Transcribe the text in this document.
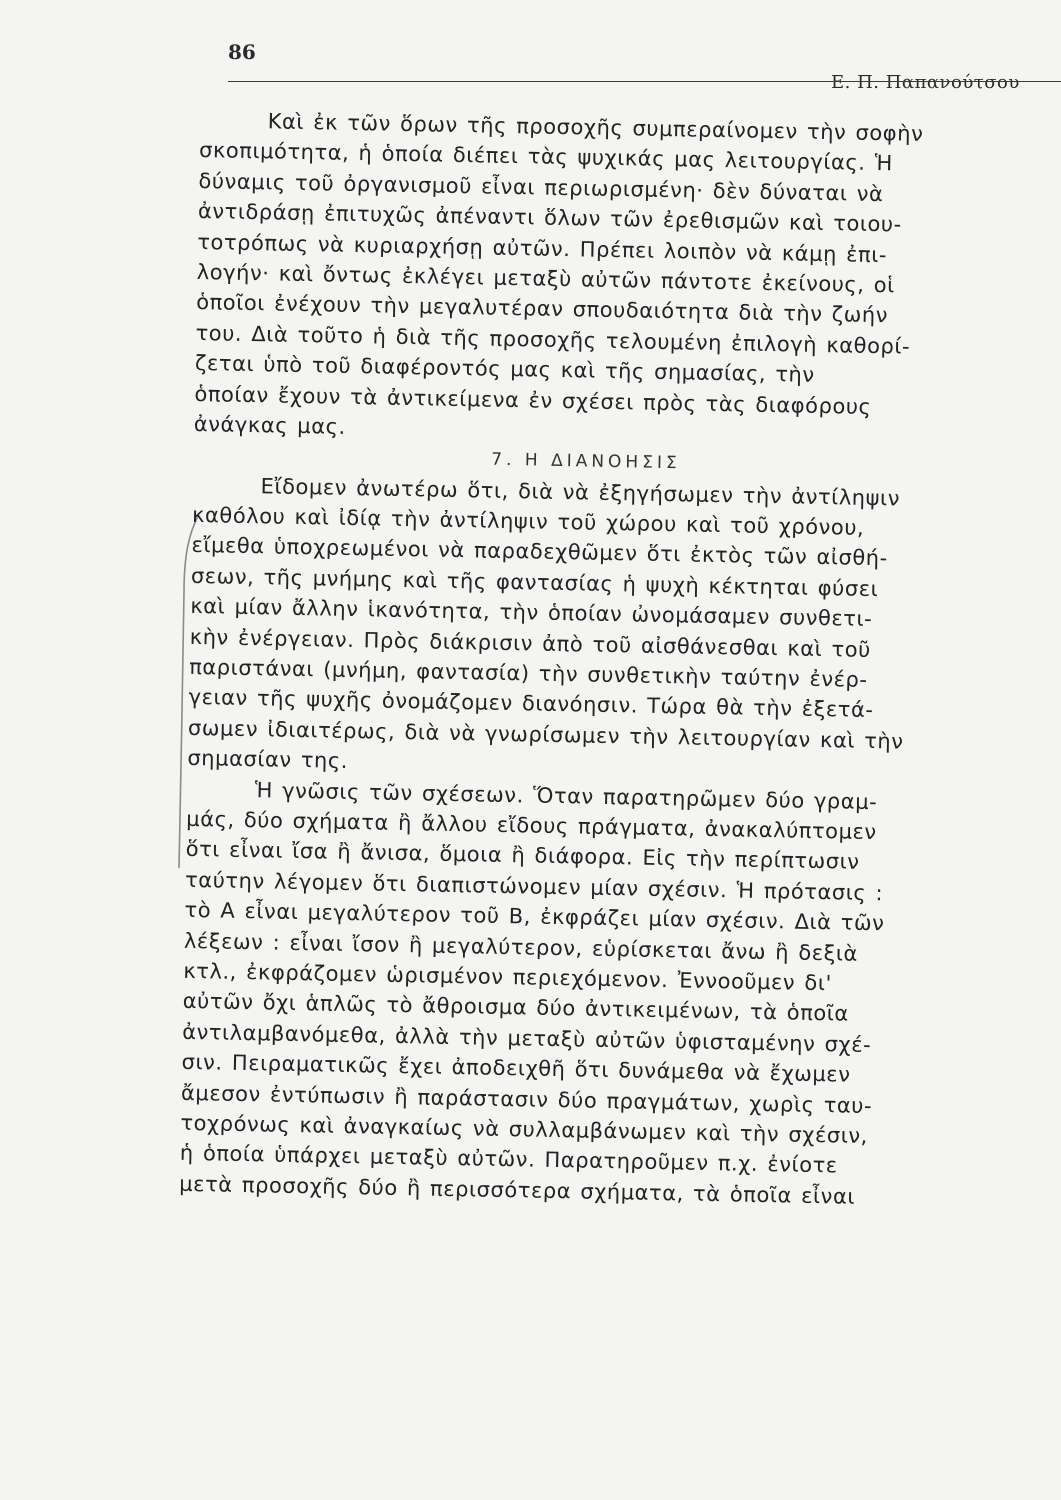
86
Ε. Π. Παπανούτσου
Καὶ ἐκ τῶν ὅρων τῆς προσοχῆς συμπεραίνομεν τὴν σοφὴν
σκοπιμότητα, ἡ ὁποία διέπει τὰς ψυχικάς μας λειτουργίας. Ἡ
δύναμις τοῦ ὀργανισμοῦ εἶναι περιωρισμένη· δὲν δύναται νὰ
ἀντιδράσῃ ἐπιτυχῶς ἀπέναντι ὅλων τῶν ἐρεθισμῶν καὶ τοιου-
τοτρόπως νὰ κυριαρχήσῃ αὐτῶν. Πρέπει λοιπὸν νὰ κάμῃ ἐπι-
λογήν· καὶ ὄντως ἐκλέγει μεταξὺ αὐτῶν πάντοτε ἐκείνους, οἱ
ὁποῖοι ἐνέχουν τὴν μεγαλυτέραν σπουδαιότητα διὰ τὴν ζωήν
του. Διὰ τοῦτο ἡ διὰ τῆς προσοχῆς τελουμένη ἐπιλογὴ καθορί-
ζεται ὑπὸ τοῦ διαφέροντός μας καὶ τῆς σημασίας, τὴν
ὁποίαν ἔχουν τὰ ἀντικείμενα ἐν σχέσει πρὸς τὰς διαφόρους
ἀνάγκας μας.
7. Η ΔΙΑΝΟΗΣΙΣ
Εἴδομεν ἀνωτέρω ὅτι, διὰ νὰ ἐξηγήσωμεν τὴν ἀντίληψιν
καθόλου καὶ ἰδίᾳ τὴν ἀντίληψιν τοῦ χώρου καὶ τοῦ χρόνου,
εἴμεθα ὑποχρεωμένοι νὰ παραδεχθῶμεν ὅτι ἐκτὸς τῶν αἰσθή-
σεων, τῆς μνήμης καὶ τῆς φαντασίας ἡ ψυχὴ κέκτηται φύσει
καὶ μίαν ἄλλην ἱκανότητα, τὴν ὁποίαν ὠνομάσαμεν συνθετι-
κὴν ἐνέργειαν. Πρὸς διάκρισιν ἀπὸ τοῦ αἰσθάνεσθαι καὶ τοῦ
παριστάναι (μνήμη, φαντασία) τὴν συνθετικὴν ταύτην ἐνέρ-
γειαν τῆς ψυχῆς ὀνομάζομεν διανόησιν. Τώρα θὰ τὴν ἐξετά-
σωμεν ἰδιαιτέρως, διὰ νὰ γνωρίσωμεν τὴν λειτουργίαν καὶ τὴν
σημασίαν της.
Ἡ γνῶσις τῶν σχέσεων. Ὅταν παρατηρῶμεν δύο γραμ-
μάς, δύο σχήματα ἢ ἄλλου εἴδους πράγματα, ἀνακαλύπτομεν
ὅτι εἶναι ἴσα ἢ ἄνισα, ὅμοια ἢ διάφορα. Εἰς τὴν περίπτωσιν
ταύτην λέγομεν ὅτι διαπιστώνομεν μίαν σχέσιν. Ἡ πρότασις :
τὸ Α εἶναι μεγαλύτερον τοῦ Β, ἐκφράζει μίαν σχέσιν. Διὰ τῶν
λέξεων : εἶναι ἴσον ἢ μεγαλύτερον, εὑρίσκεται ἄνω ἢ δεξιὰ
κτλ., ἐκφράζομεν ὡρισμένον περιεχόμενον. Ἐννοοῦμεν δι'
αὐτῶν ὄχι ἁπλῶς τὸ ἄθροισμα δύο ἀντικειμένων, τὰ ὁποῖα
ἀντιλαμβανόμεθα, ἀλλὰ τὴν μεταξὺ αὐτῶν ὑφισταμένην σχέ-
σιν. Πειραματικῶς ἔχει ἀποδειχθῆ ὅτι δυνάμεθα νὰ ἔχωμεν
ἄμεσον ἐντύπωσιν ἢ παράστασιν δύο πραγμάτων, χωρὶς ταυ-
τοχρόνως καὶ ἀναγκαίως νὰ συλλαμβάνωμεν καὶ τὴν σχέσιν,
ἡ ὁποία ὑπάρχει μεταξὺ αὐτῶν. Παρατηροῦμεν π.χ. ἐνίοτε
μετὰ προσοχῆς δύο ἢ περισσότερα σχήματα, τὰ ὁποῖα εἶναι
